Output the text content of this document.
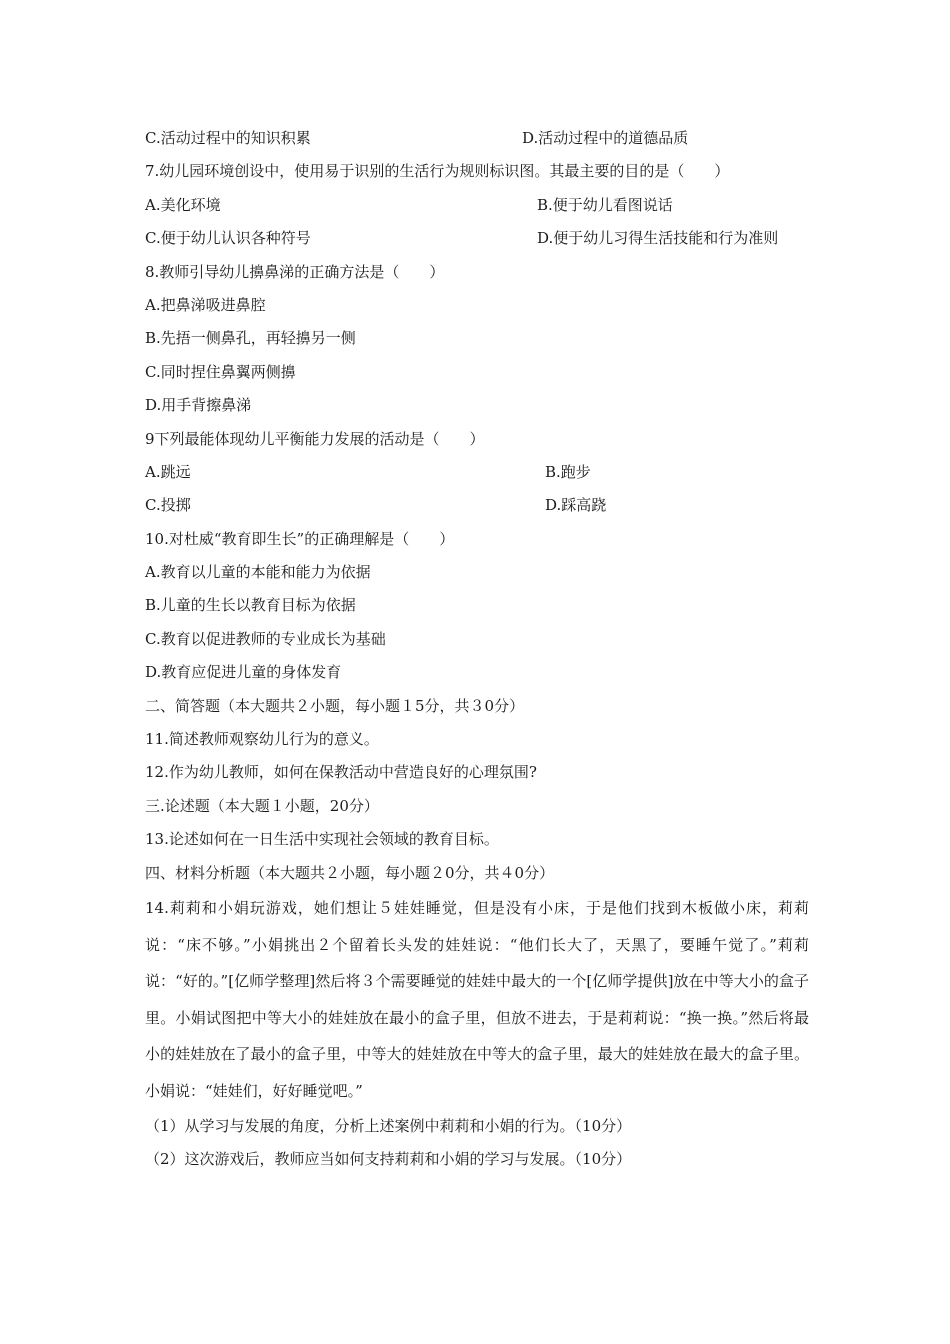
C.活动过程中的知识积累	D.活动过程中的道德品质
7.幼儿园环境创设中，使用易于识别的生活行为规则标识图。其最主要的目的是（　　）
A.美化环境	B.便于幼儿看图说话
C.便于幼儿认识各种符号	D.便于幼儿习得生活技能和行为准则
8.教师引导幼儿擤鼻涕的正确方法是（　　）
A.把鼻涕吸进鼻腔
B.先捂一侧鼻孔，再轻擤另一侧
C.同时捏住鼻翼两侧擤
D.用手背擦鼻涕
9下列最能体现幼儿平衡能力发展的活动是（　　）
A.跳远	B.跑步
C.投掷	D.踩高跷
10.对杜威“教育即生长”的正确理解是（　　）
A.教育以儿童的本能和能力为依据
B.儿童的生长以教育目标为依据
C.教育以促进教师的专业成长为基础
D.教育应促进儿童的身体发育
二、简答题（本大题共２小题，每小题１5分，共３0分）
11.简述教师观察幼儿行为的意义。
12.作为幼儿教师，如何在保教活动中营造良好的心理氛围?
三.论述题（本大题１小题，20分）
13.论述如何在一日生活中实现社会领域的教育目标。
四、材料分析题（本大题共２小题，每小题２0分，共４0分）
14.莉莉和小娟玩游戏，她们想让５娃娃睡觉，但是没有小床，于是他们找到木板做小床，莉莉说：“床不够。”小娟挑出２个留着长头发的娃娃说：“他们长大了，天黑了，要睡午觉了。”莉莉说：“好的。”[亿师学整理]然后将３个需要睡觉的娃娃中最大的一个[亿师学提供]放在中等大小的盒子里。小娟试图把中等大小的娃娃放在最小的盒子里，但放不进去，于是莉莉说：“换一换。”然后将最小的娃娃放在了最小的盒子里，中等大的娃娃放在中等大的盒子里，最大的娃娃放在最大的盒子里。小娟说：“娃娃们，好好睡觉吧。”
（1）从学习与发展的角度，分析上述案例中莉莉和小娟的行为。（10分）
（2）这次游戏后，教师应当如何支持莉莉和小娟的学习与发展。（10分）
